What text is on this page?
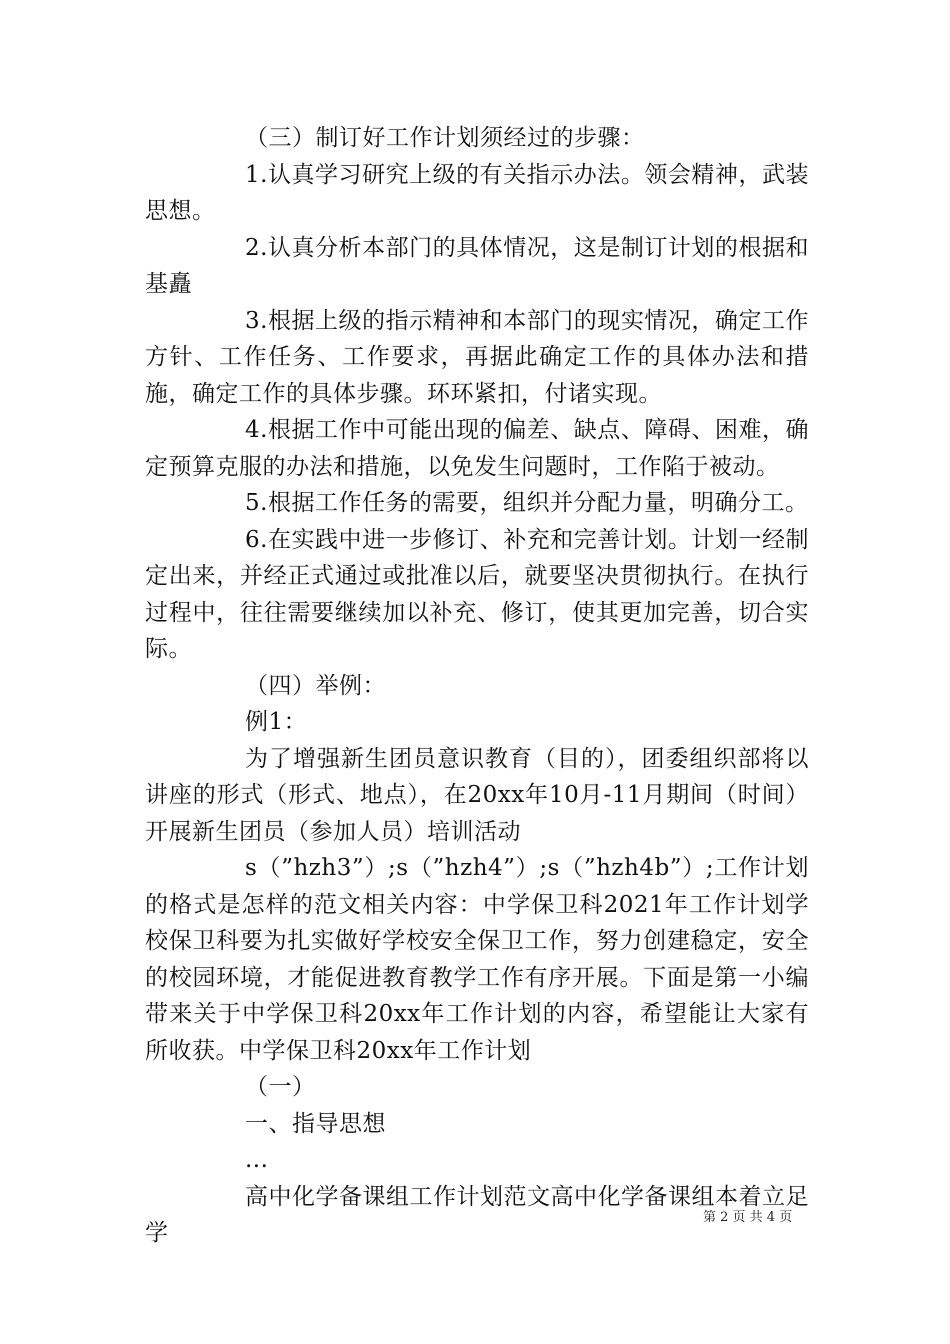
（三）制订好工作计划须经过的步骤：

1.认真学习研究上级的有关指示办法。领会精神，武装思想。

2.认真分析本部门的具体情况，这是制订计划的根据和基矗

3.根据上级的指示精神和本部门的现实情况，确定工作方针、工作任务、工作要求，再据此确定工作的具体办法和措施，确定工作的具体步骤。环环紧扣，付诸实现。

4.根据工作中可能出现的偏差、缺点、障碍、困难，确定预算克服的办法和措施，以免发生问题时，工作陷于被动。

5.根据工作任务的需要，组织并分配力量，明确分工。

6.在实践中进一步修订、补充和完善计划。计划一经制定出来，并经正式通过或批准以后，就要坚决贯彻执行。在执行过程中，往往需要继续加以补充、修订，使其更加完善，切合实际。

（四）举例：

例1：

为了增强新生团员意识教育（目的），团委组织部将以讲座的形式（形式、地点），在20xx年10月-11月期间（时间）开展新生团员（参加人员）培训活动

s（”hzh3”）;s（”hzh4”）;s（”hzh4b”）;工作计划的格式是怎样的范文相关内容：中学保卫科2021年工作计划学校保卫科要为扎实做好学校安全保卫工作，努力创建稳定，安全的校园环境，才能促进教育教学工作有序开展。下面是第一小编带来关于中学保卫科20xx年工作计划的内容，希望能让大家有所收获。中学保卫科20xx年工作计划

（一）

一、指导思想

...

高中化学备课组工作计划范文高中化学备课组本着立足学

第 2 页 共 4 页
